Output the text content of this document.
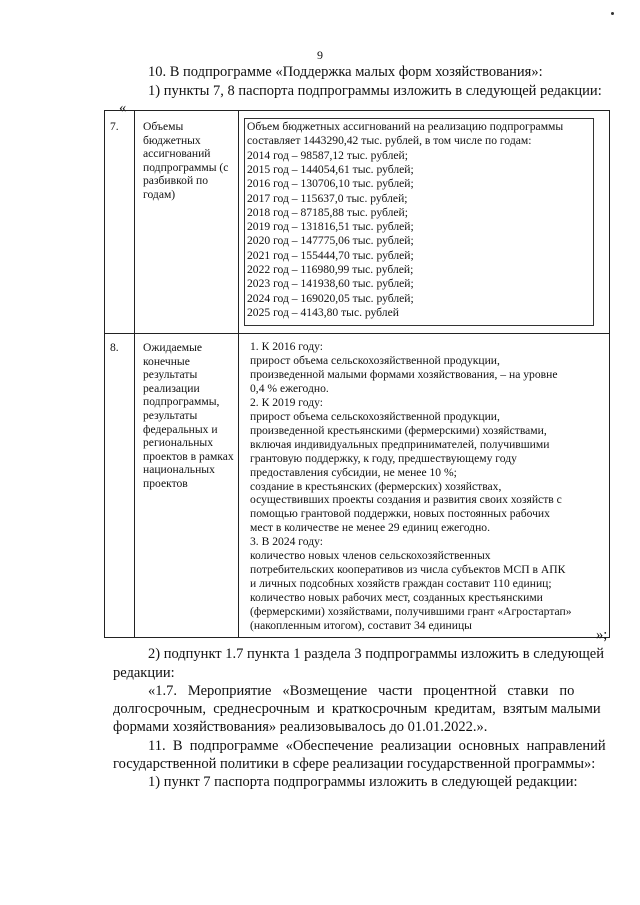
9
10. В подпрограмме «Поддержка малых форм хозяйствования»:
1) пункты 7, 8 паспорта подпрограммы изложить в следующей редакции:
«
7. Объемы
бюджетных
ассигнований
подпрограммы (с
разбивкой по
годам)
Объем бюджетных ассигнований на реализацию подпрограммы
составляет 1443290,42 тыс. рублей, в том числе по годам:
2014 год – 98587,12 тыс. рублей;
2015 год – 144054,61 тыс. рублей;
2016 год – 130706,10 тыс. рублей;
2017 год – 115637,0 тыс. рублей;
2018 год – 87185,88 тыс. рублей;
2019 год – 131816,51 тыс. рублей;
2020 год – 147775,06 тыс. рублей;
2021 год – 155444,70 тыс. рублей;
2022 год – 116980,99 тыс. рублей;
2023 год – 141938,60 тыс. рублей;
2024 год – 169020,05 тыс. рублей;
2025 год – 4143,80 тыс. рублей
8. Ожидаемые
конечные
результаты
реализации
подпрограммы,
результаты
федеральных и
региональных
проектов в рамках
национальных
проектов
1. К 2016 году:
прирост объема сельскохозяйственной продукции,
произведенной малыми формами хозяйствования, – на уровне
0,4 % ежегодно.
2. К 2019 году:
прирост объема сельскохозяйственной продукции,
произведенной крестьянскими (фермерскими) хозяйствами,
включая индивидуальных предпринимателей, получившими
грантовую поддержку, к году, предшествующему году
предоставления субсидии, не менее 10 %;
создание в крестьянских (фермерских) хозяйствах,
осуществивших проекты создания и развития своих хозяйств с
помощью грантовой поддержки, новых постоянных рабочих
мест в количестве не менее 29 единиц ежегодно.
3. В 2024 году:
количество новых членов сельскохозяйственных
потребительских кооперативов из числа субъектов МСП в АПК
и личных подсобных хозяйств граждан составит 110 единиц;
количество новых рабочих мест, созданных крестьянскими
(фермерскими) хозяйствами, получившими грант «Агростартап»
(накопленным итогом), составит 34 единицы
»;
2) подпункт 1.7 пункта 1 раздела 3 подпрограммы изложить в следующей
редакции:
«1.7.   Мероприятие   «Возмещение   части   процентной   ставки   по
долгосрочным,  среднесрочным  и  краткосрочным  кредитам,  взятым малыми
формами хозяйствования» реализовывалось до 01.01.2022.».
11.  В  подпрограмме  «Обеспечение  реализации  основных  направлений
государственной политики в сфере реализации государственной программы»:
1) пункт 7 паспорта подпрограммы изложить в следующей редакции:
